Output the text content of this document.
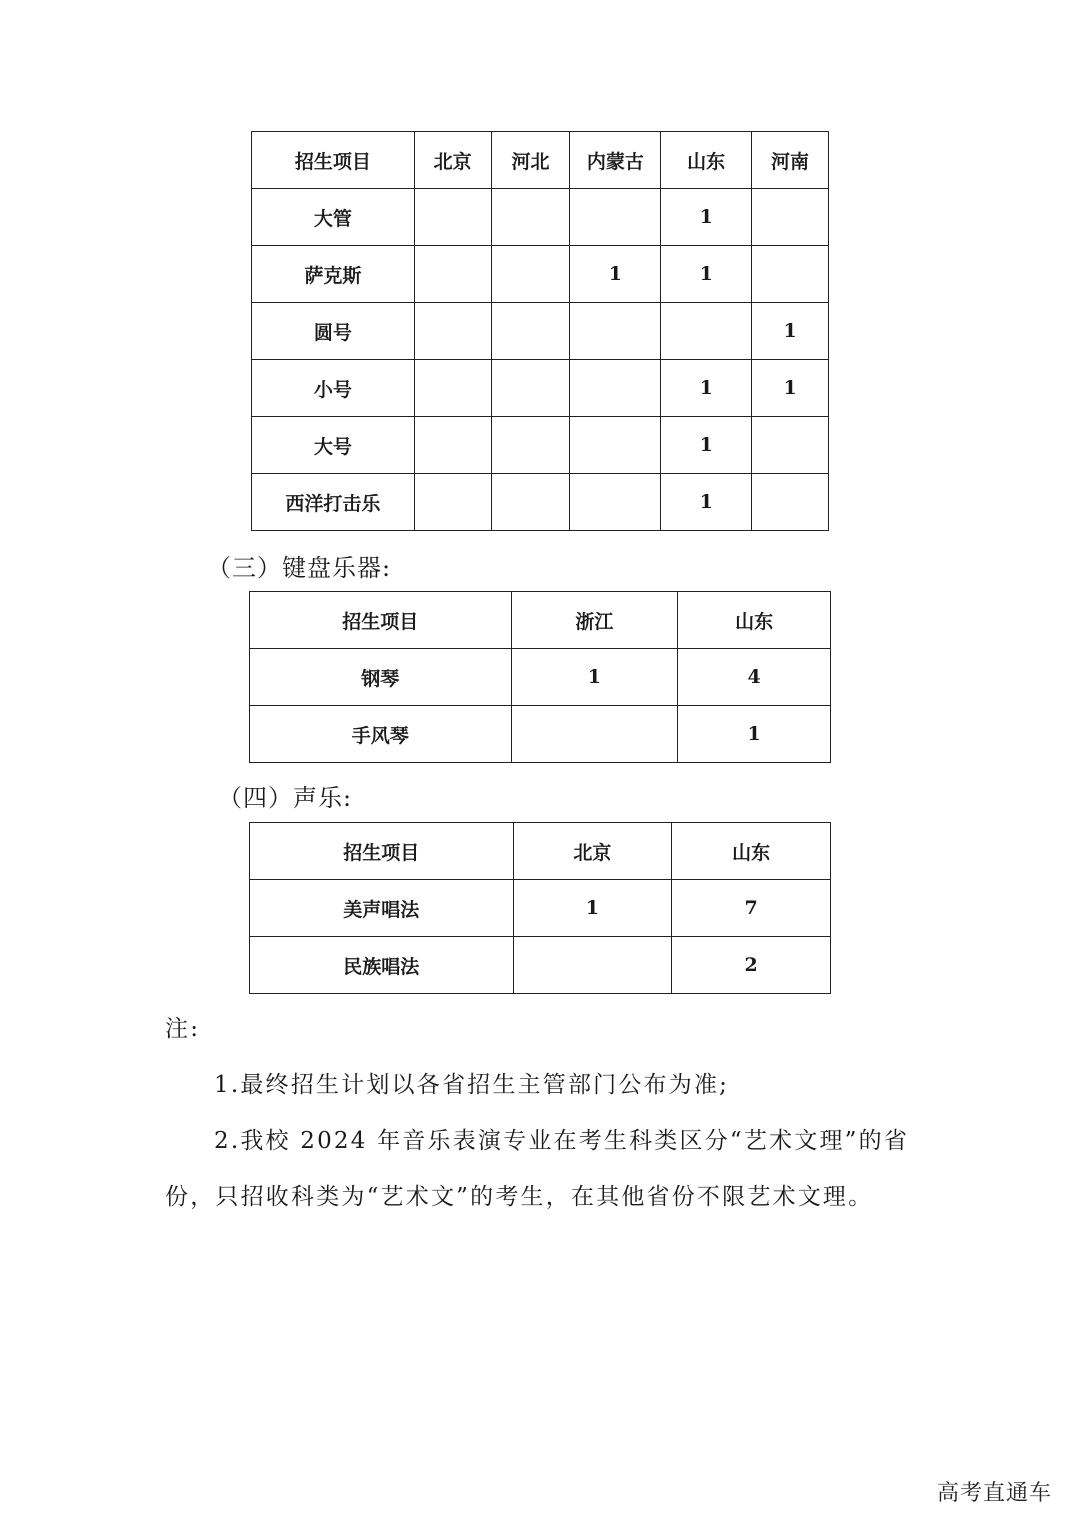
招生项目	北京	河北	内蒙古	山东	河南
大管				1	
萨克斯			1	1	
圆号					1
小号				1	1
大号				1	
西洋打击乐				1	
（三）键盘乐器:
招生项目	浙江	山东
钢琴	1	4
手风琴		1
（四）声乐:
招生项目	北京	山东
美声唱法	1	7
民族唱法		2
注:
1.最终招生计划以各省招生主管部门公布为准;
2.我校 2024 年音乐表演专业在考生科类区分“艺术文理”的省
份，只招收科类为“艺术文”的考生，在其他省份不限艺术文理。
高考直通车
